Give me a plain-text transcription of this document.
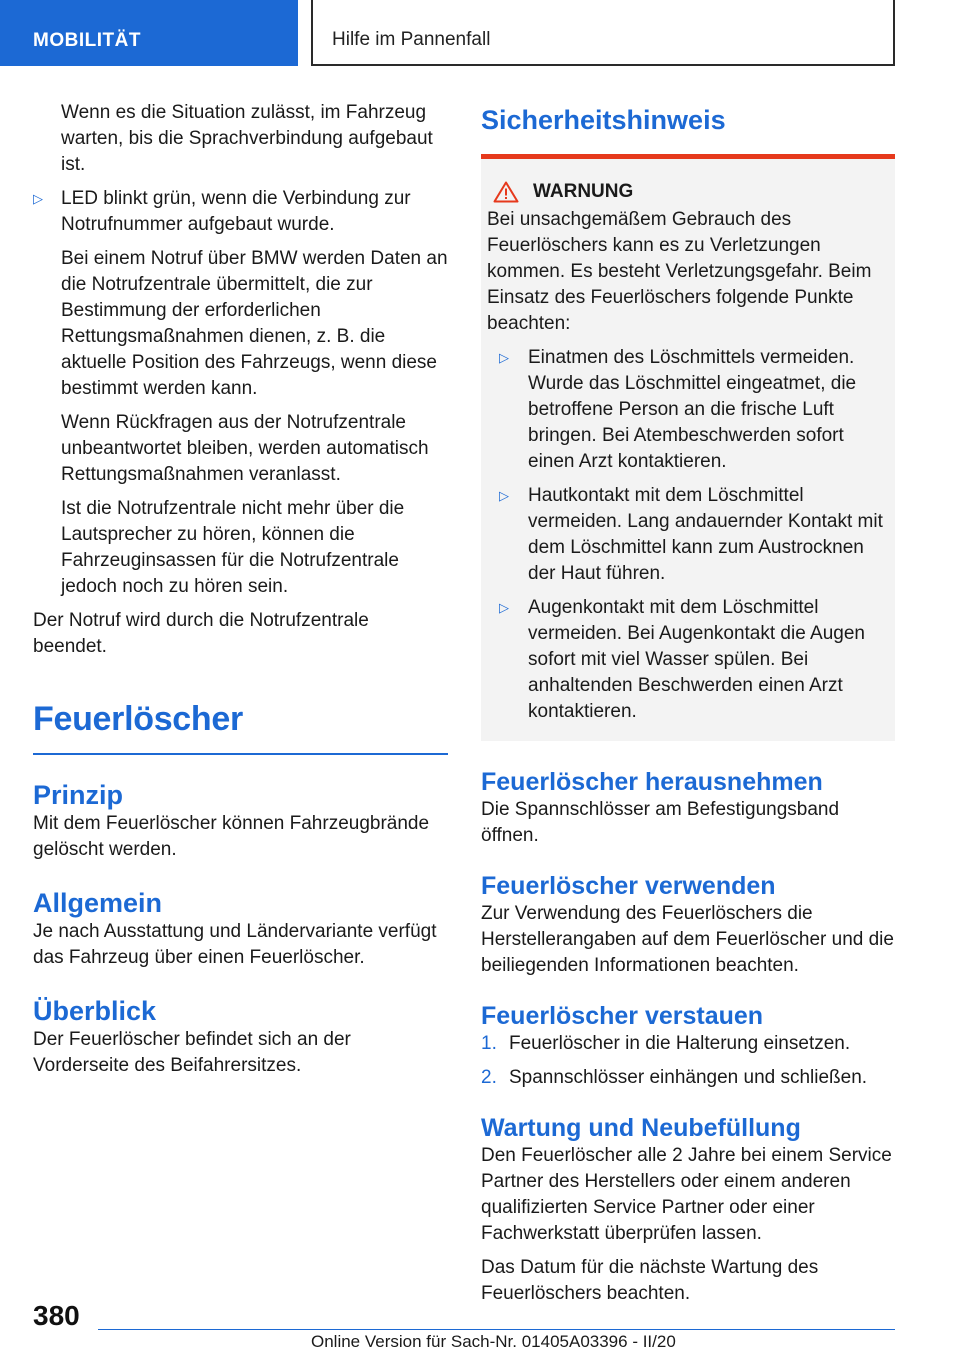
MOBILITÄT	Hilfe im Pannenfall

Wenn es die Situation zulässt, im Fahrzeug warten, bis die Sprachverbindung aufgebaut ist.

▷ LED blinkt grün, wenn die Verbindung zur Notrufnummer aufgebaut wurde.

Bei einem Notruf über BMW werden Daten an die Notrufzentrale übermittelt, die zur Bestimmung der erforderlichen Rettungsmaßnahmen dienen, z. B. die aktuelle Position des Fahrzeugs, wenn diese bestimmt werden kann.

Wenn Rückfragen aus der Notrufzentrale unbeantwortet bleiben, werden automatisch Rettungsmaßnahmen veranlasst.

Ist die Notrufzentrale nicht mehr über die Lautsprecher zu hören, können die Fahrzeuginsassen für die Notrufzentrale jedoch noch zu hören sein.

Der Notruf wird durch die Notrufzentrale beendet.

Feuerlöscher
Prinzip

Mit dem Feuerlöscher können Fahrzeugbrände gelöscht werden.

Allgemein

Je nach Ausstattung und Ländervariante verfügt das Fahrzeug über einen Feuerlöscher.

Überblick

Der Feuerlöscher befindet sich an der Vorderseite des Beifahrersitzes.

Sicherheitshinweis
WARNUNG

Bei unsachgemäßem Gebrauch des Feuerlöschers kann es zu Verletzungen kommen. Es besteht Verletzungsgefahr. Beim Einsatz des Feuerlöschers folgende Punkte beachten:

▷	Einatmen des Löschmittels vermeiden. Wurde das Löschmittel eingeatmet, die betroffene Person an die frische Luft bringen. Bei Atembeschwerden sofort einen Arzt kontaktieren.
▷	Hautkontakt mit dem Löschmittel vermeiden. Lang andauernder Kontakt mit dem Löschmittel kann zum Austrocknen der Haut führen.
▷	Augenkontakt mit dem Löschmittel vermeiden. Bei Augenkontakt die Augen sofort mit viel Wasser spülen. Bei anhaltenden Beschwerden einen Arzt kontaktieren.
Feuerlöscher herausnehmen

Die Spannschlösser am Befestigungsband öffnen.

Feuerlöscher verwenden

Zur Verwendung des Feuerlöschers die Herstellerangaben auf dem Feuerlöscher und die beiliegenden Informationen beachten.

Feuerlöscher verstauen
1. Feuerlöscher in die Halterung einsetzen.
2. Spannschlösser einhängen und schließen.
Wartung und Neubefüllung

Den Feuerlöscher alle 2 Jahre bei einem Service Partner des Herstellers oder einem anderen qualifizierten Service Partner oder einer Fachwerkstatt überprüfen lassen.

Das Datum für die nächste Wartung des Feuerlöschers beachten.

380
Online Version für Sach-Nr. 01405A03396 - II/20
